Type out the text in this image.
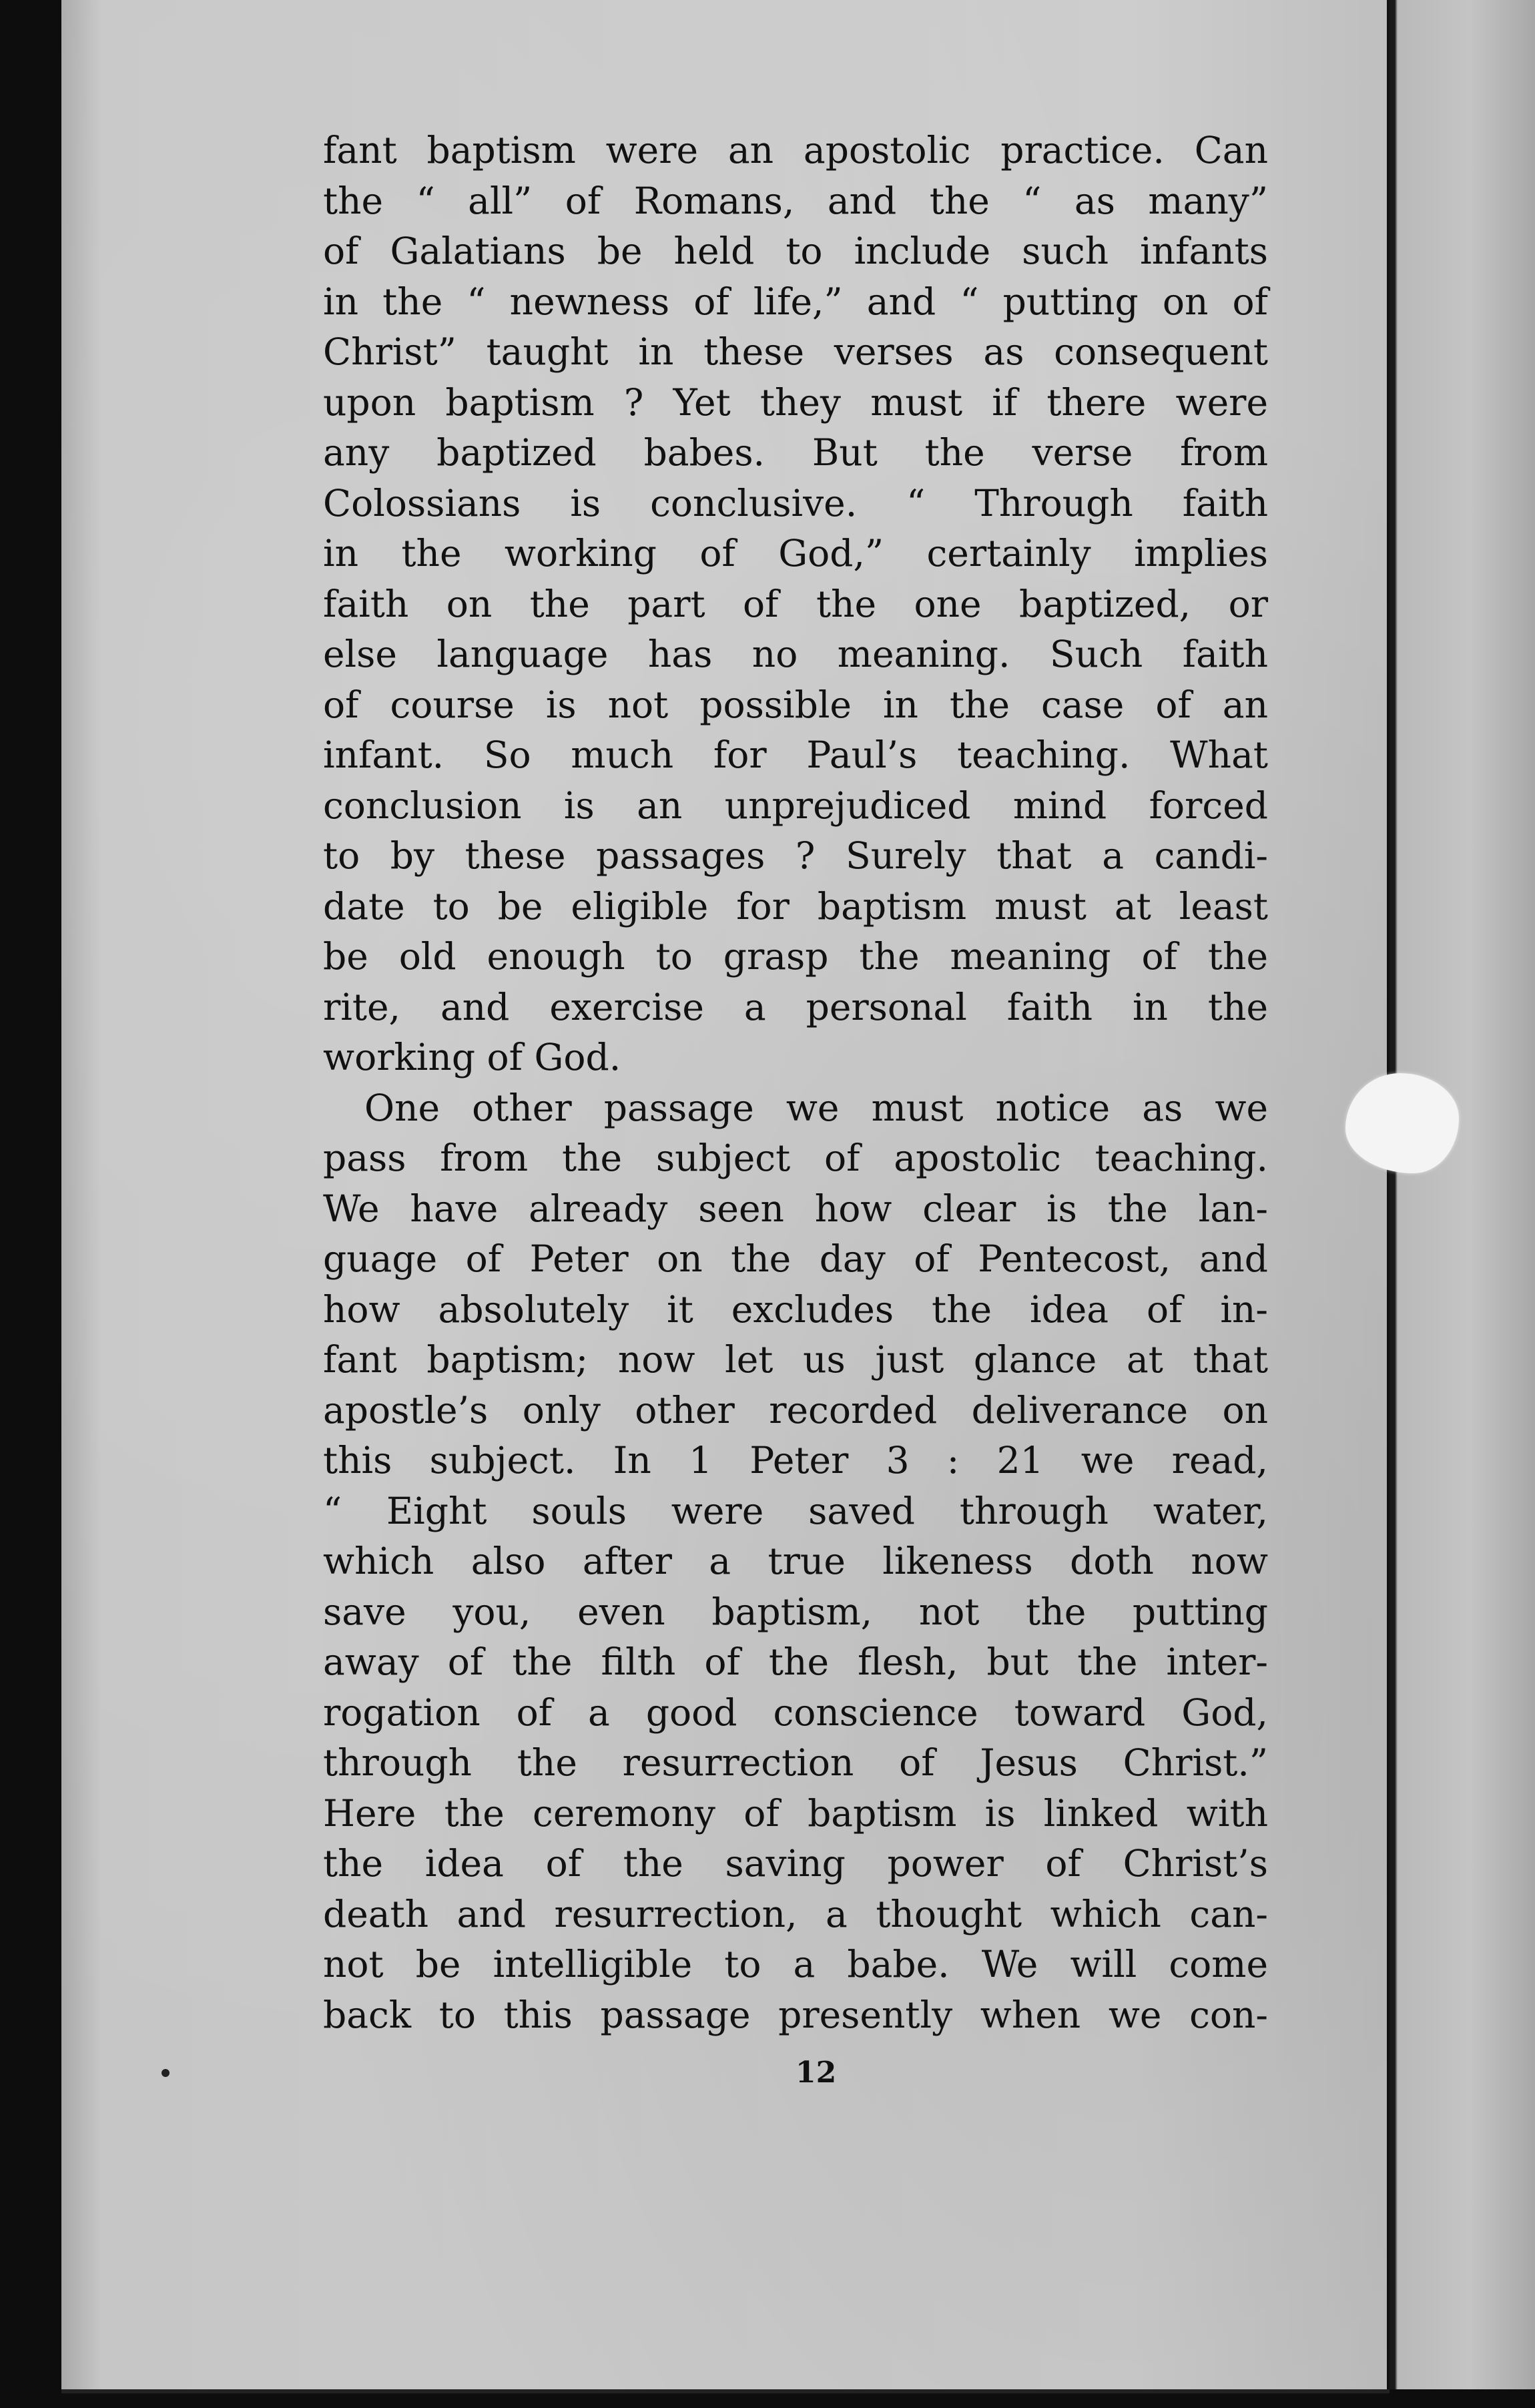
fant baptism were an apostolic practice. Can
the “ all” of Romans, and the “ as many”
of Galatians be held to include such infants
in the “ newness of life,” and “ putting on of
Christ” taught in these verses as consequent
upon baptism ? Yet they must if there were
any baptized babes. But the verse from
Colossians is conclusive. “ Through faith
in the working of God,” certainly implies
faith on the part of the one baptized, or
else language has no meaning. Such faith
of course is not possible in the case of an
infant. So much for Paul’s teaching. What
conclusion is an unprejudiced mind forced
to by these passages ? Surely that a candi-
date to be eligible for baptism must at least
be old enough to grasp the meaning of the
rite, and exercise a personal faith in the
working of God.
One other passage we must notice as we
pass from the subject of apostolic teaching.
We have already seen how clear is the lan-
guage of Peter on the day of Pentecost, and
how absolutely it excludes the idea of in-
fant baptism; now let us just glance at that
apostle’s only other recorded deliverance on
this subject. In 1 Peter 3 : 21 we read,
“ Eight souls were saved through water,
which also after a true likeness doth now
save you, even baptism, not the putting
away of the filth of the flesh, but the inter-
rogation of a good conscience toward God,
through the resurrection of Jesus Christ.”
Here the ceremony of baptism is linked with
the idea of the saving power of Christ’s
death and resurrection, a thought which can-
not be intelligible to a babe. We will come
back to this passage presently when we con-
12
